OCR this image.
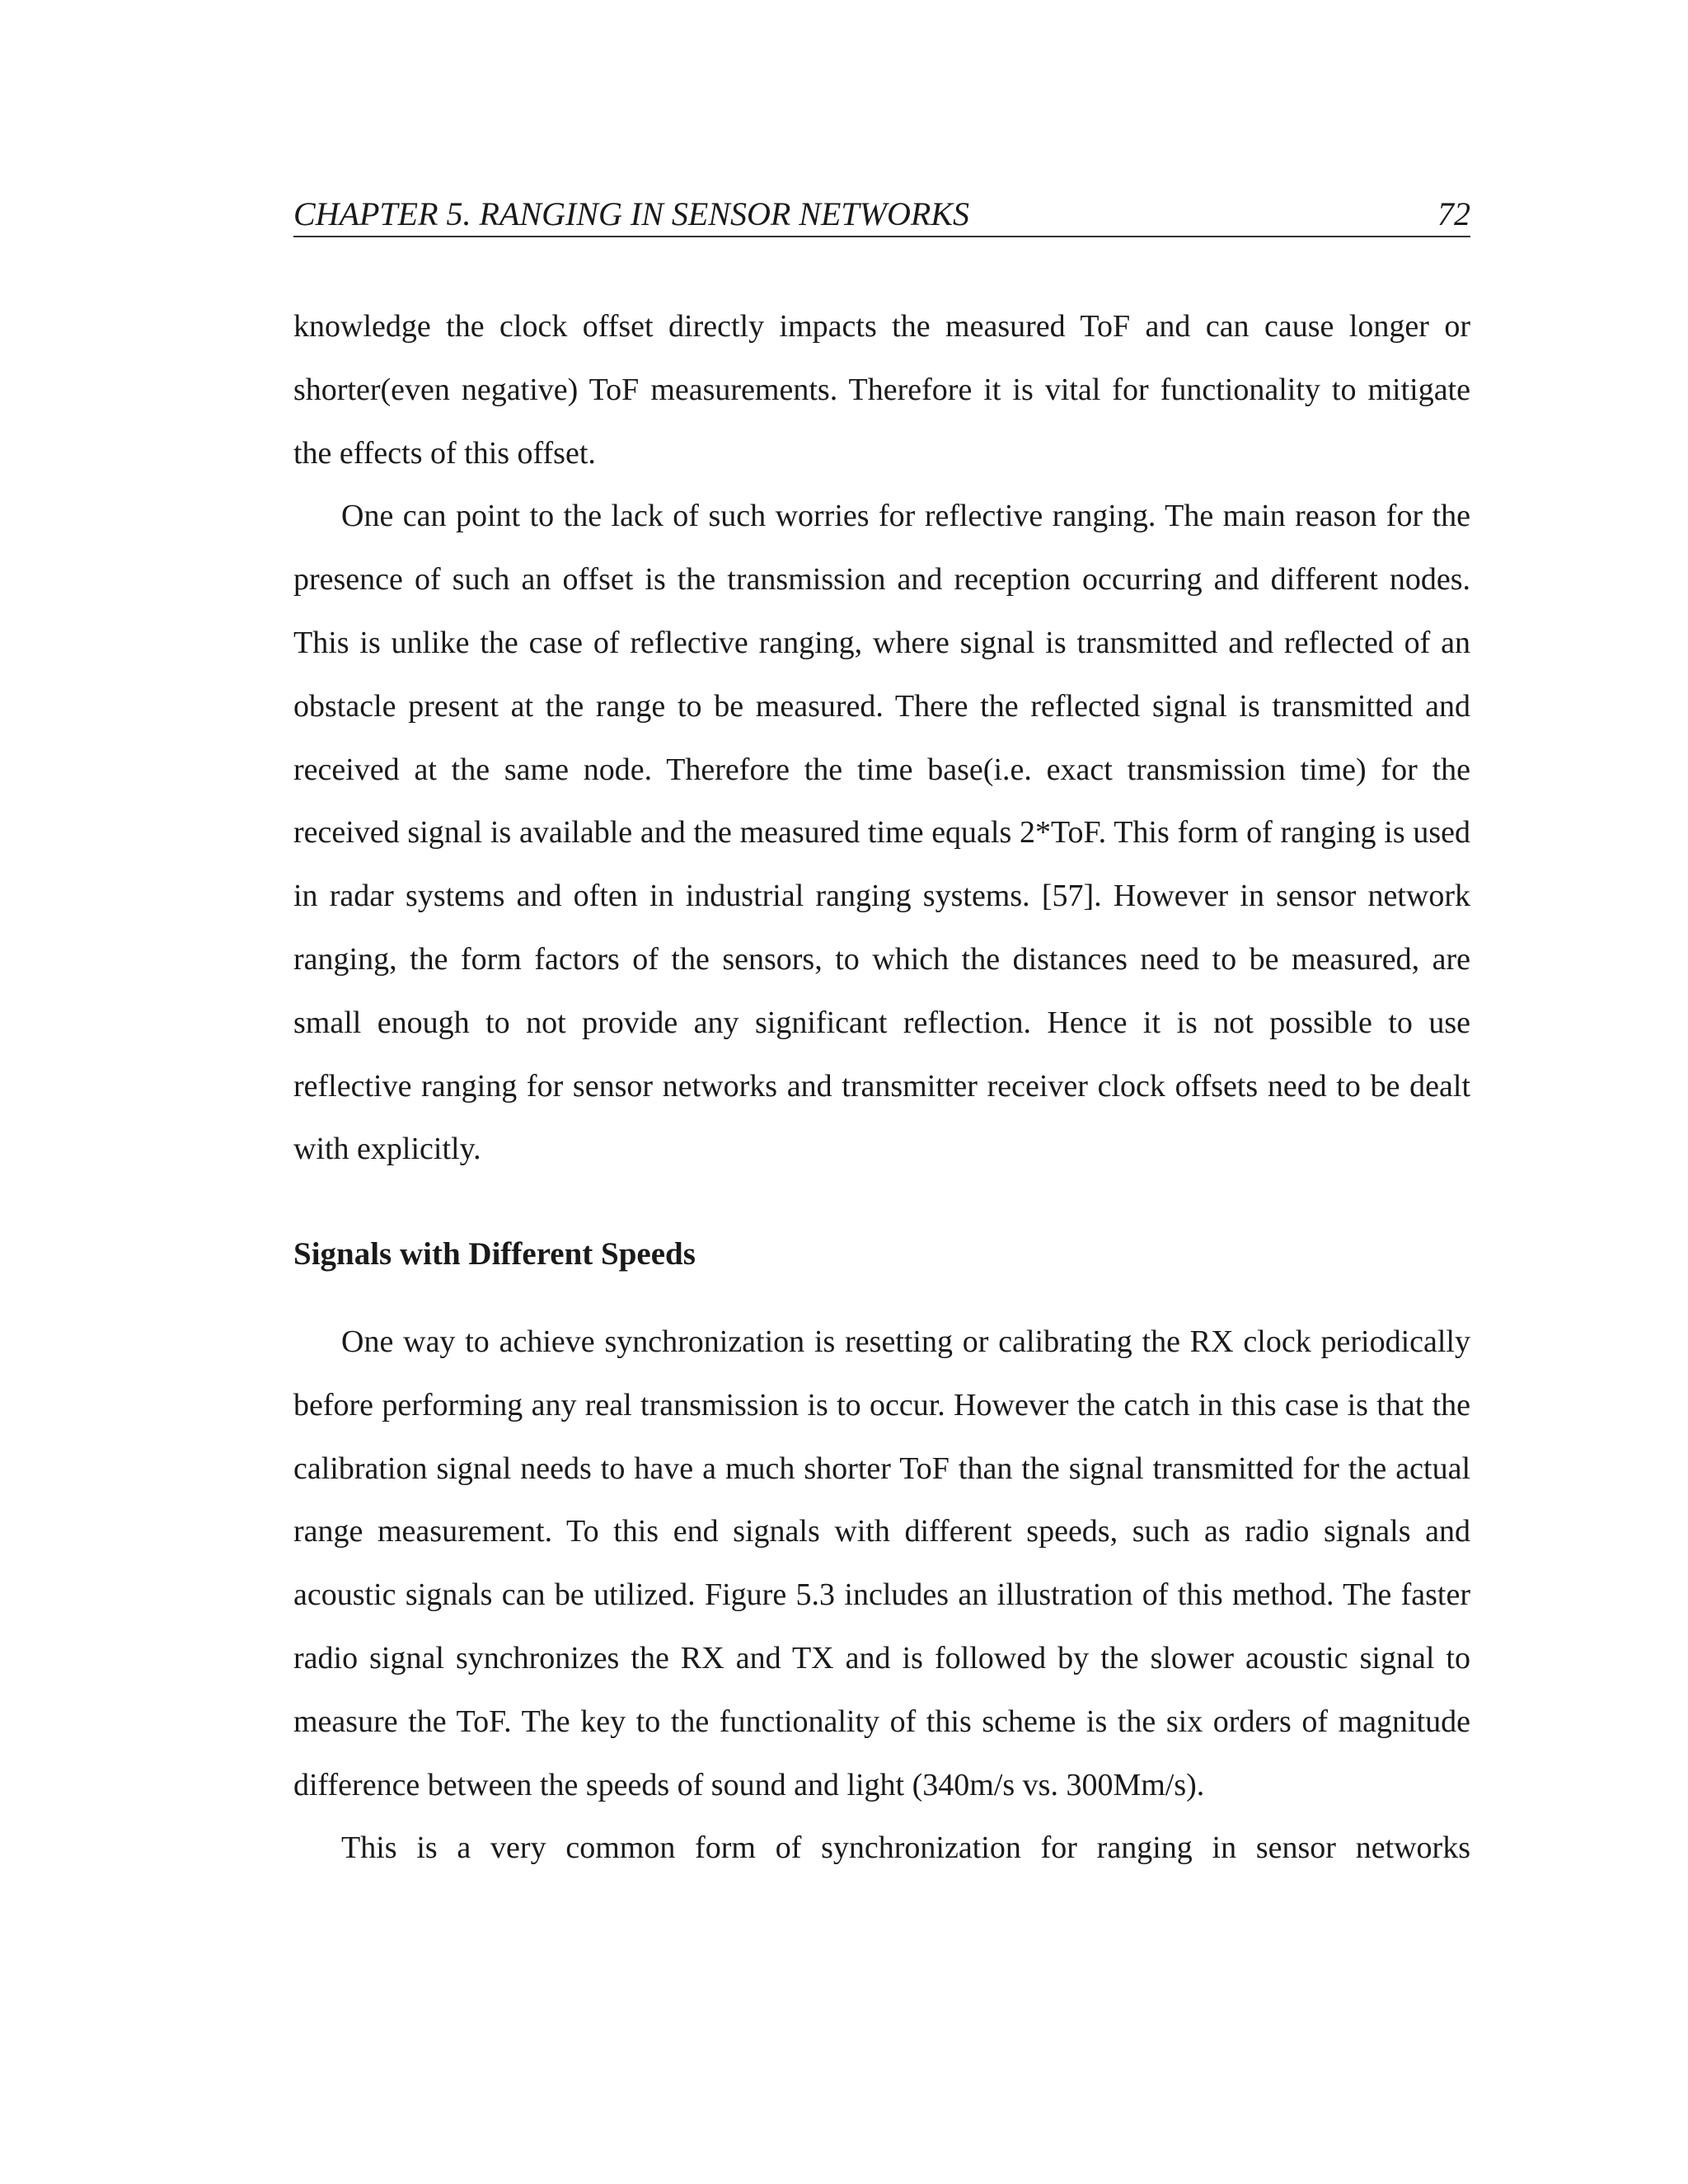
CHAPTER 5. RANGING IN SENSOR NETWORKS	72

knowledge the clock offset directly impacts the measured ToF and can cause longer or shorter(even negative) ToF measurements. Therefore it is vital for functionality to mitigate the effects of this offset.

One can point to the lack of such worries for reflective ranging. The main reason for the presence of such an offset is the transmission and reception occurring and different nodes. This is unlike the case of reflective ranging, where signal is transmitted and reflected of an obstacle present at the range to be measured. There the reflected signal is transmitted and received at the same node. Therefore the time base(i.e. exact transmission time) for the received signal is available and the measured time equals 2*ToF. This form of ranging is used in radar systems and often in industrial ranging systems. [57]. However in sensor network ranging, the form factors of the sensors, to which the distances need to be measured, are small enough to not provide any significant reflection. Hence it is not possible to use reflective ranging for sensor networks and transmitter receiver clock offsets need to be dealt with explicitly.

Signals with Different Speeds

One way to achieve synchronization is resetting or calibrating the RX clock periodically before performing any real transmission is to occur. However the catch in this case is that the calibration signal needs to have a much shorter ToF than the signal transmitted for the actual range measurement. To this end signals with different speeds, such as radio signals and acoustic signals can be utilized. Figure 5.3 includes an illustration of this method. The faster radio signal synchronizes the RX and TX and is followed by the slower acoustic signal to measure the ToF. The key to the functionality of this scheme is the six orders of magnitude difference between the speeds of sound and light (340m/s vs. 300Mm/s).

This is a very common form of synchronization for ranging in sensor networks
